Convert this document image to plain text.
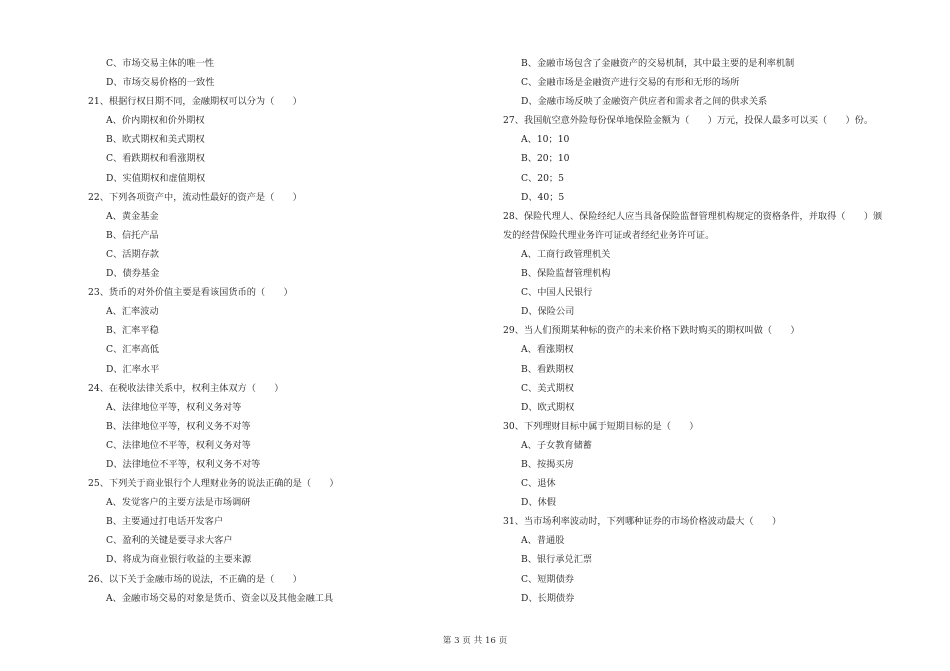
C、市场交易主体的唯一性
D、市场交易价格的一致性
21、根据行权日期不同，金融期权可以分为（　　）
A、价内期权和价外期权
B、欧式期权和美式期权
C、看跌期权和看涨期权
D、实值期权和虚值期权
22、下列各项资产中，流动性最好的资产是（　　）
A、黄金基金
B、信托产品
C、活期存款
D、债券基金
23、货币的对外价值主要是看该国货币的（　　）
A、汇率波动
B、汇率平稳
C、汇率高低
D、汇率水平
24、在税收法律关系中，权利主体双方（　　）
A、法律地位平等，权利义务对等
B、法律地位平等，权利义务不对等
C、法律地位不平等，权利义务对等
D、法律地位不平等，权利义务不对等
25、下列关于商业银行个人理财业务的说法正确的是（　　）
A、发觉客户的主要方法是市场调研
B、主要通过打电话开发客户
C、盈利的关键是要寻求大客户
D、将成为商业银行收益的主要来源
26、以下关于金融市场的说法，不正确的是（　　）
A、金融市场交易的对象是货币、资金以及其他金融工具
B、金融市场包含了金融资产的交易机制，其中最主要的是利率机制
C、金融市场是金融资产进行交易的有形和无形的场所
D、金融市场反映了金融资产供应者和需求者之间的供求关系
27、我国航空意外险每份保单地保险金额为（　　）万元，投保人最多可以买（　　）份。
A、10；10
B、20；10
C、20；5
D、40；5
28、保险代理人、保险经纪人应当具备保险监督管理机构规定的资格条件，并取得（　　）颁
发的经营保险代理业务许可证或者经纪业务许可证。
A、工商行政管理机关
B、保险监督管理机构
C、中国人民银行
D、保险公司
29、当人们预期某种标的资产的未来价格下跌时购买的期权叫做（　　）
A、看涨期权
B、看跌期权
C、美式期权
D、欧式期权
30、下列理财目标中属于短期目标的是（　　）
A、子女教育储蓄
B、按揭买房
C、退休
D、休假
31、当市场利率波动时，下列哪种证券的市场价格波动最大（　　）
A、普通股
B、银行承兑汇票
C、短期债券
D、长期债券
第 3 页 共 16 页
